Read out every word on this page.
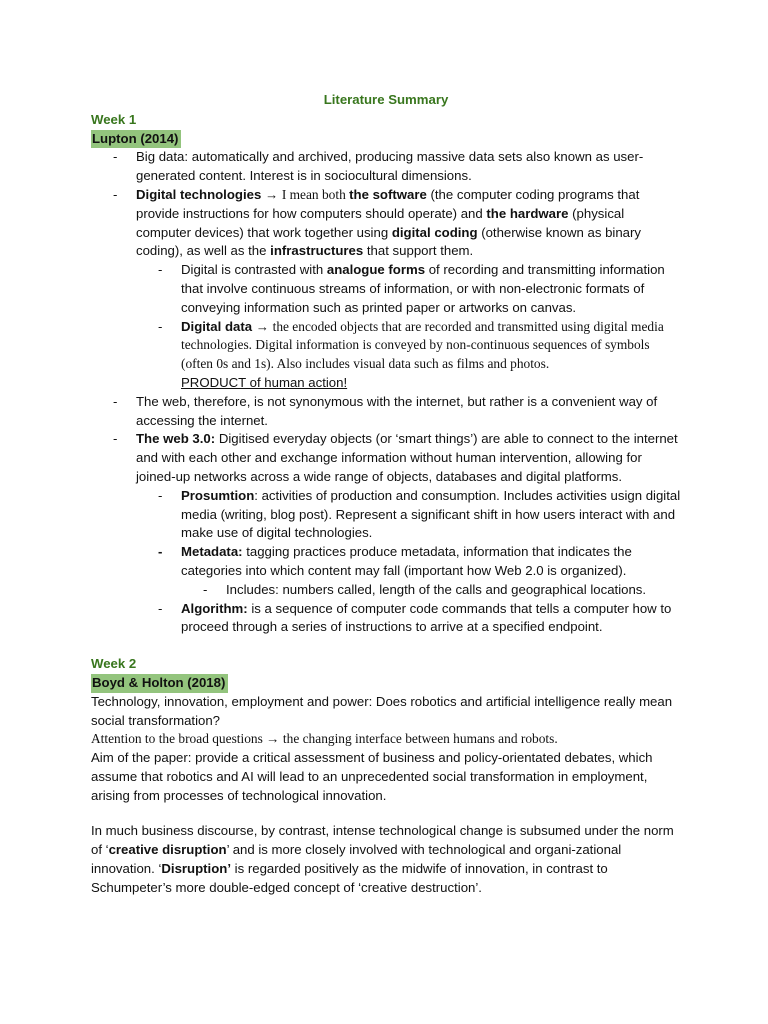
Literature Summary
Week 1
Lupton (2014)
-	Big data: automatically and archived, producing massive data sets also known as user-generated content. Interest is in sociocultural dimensions.
-	Digital technologies → I mean both the software (the computer coding programs that provide instructions for how computers should operate) and the hardware (physical computer devices) that work together using digital coding (otherwise known as binary coding), as well as the infrastructures that support them.
-	Digital is contrasted with analogue forms of recording and transmitting information that involve continuous streams of information, or with non-electronic formats of conveying information such as printed paper or artworks on canvas.
-	Digital data → the encoded objects that are recorded and transmitted using digital media technologies. Digital information is conveyed by non-continuous sequences of symbols (often 0s and 1s). Also includes visual data such as films and photos.
PRODUCT of human action!
-	The web, therefore, is not synonymous with the internet, but rather is a convenient way of accessing the internet.
-	The web 3.0: Digitised everyday objects (or ‘smart things’) are able to connect to the internet and with each other and exchange information without human intervention, allowing for joined-up networks across a wide range of objects, databases and digital platforms.
-	Prosumtion: activities of production and consumption. Includes activities usign digital media (writing, blog post). Represent a significant shift in how users interact with and make use of digital technologies.
-	Metadata: tagging practices produce metadata, information that indicates the categories into which content may fall (important how Web 2.0 is organized).
-	Includes: numbers called, length of the calls and geographical locations.
-	Algorithm: is a sequence of computer code commands that tells a computer how to proceed through a series of instructions to arrive at a specified endpoint.
Week 2
Boyd & Holton (2018)

Technology, innovation, employment and power: Does robotics and artificial intelligence really mean social transformation?

Attention to the broad questions → the changing interface between humans and robots.

Aim of the paper: provide a critical assessment of business and policy-orientated debates, which assume that robotics and AI will lead to an unprecedented social transformation in employment, arising from processes of technological innovation.

In much business discourse, by contrast, intense technological change is subsumed under the norm of ‘creative disruption’ and is more closely involved with technological and organi-zational innovation. ‘Disruption’ is regarded positively as the midwife of innovation, in contrast to Schumpeter’s more double-edged concept of ‘creative destruction’.
